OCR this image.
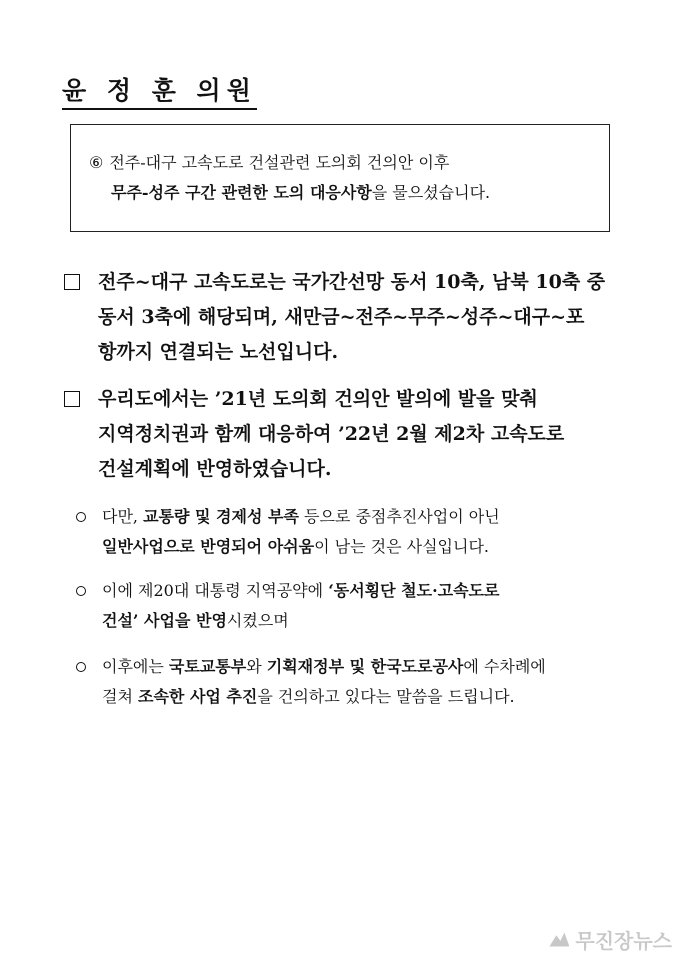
윤 정 훈 의원
⑥ 전주-대구 고속도로 건설관련 도의회 건의안 이후
무주-성주 구간 관련한 도의 대응사항을 물으셨습니다.
전주~대구 고속도로는 국가간선망 동서 10축, 남북 10축 중
동서 3축에 해당되며, 새만금~전주~무주~성주~대구~포
항까지 연결되는 노선입니다.
우리도에서는 ’21년 도의회 건의안 발의에 발을 맞춰
지역정치권과 함께 대응하여 ’22년 2월 제2차 고속도로
건설계획에 반영하였습니다.
다만, 교통량 및 경제성 부족 등으로 중점추진사업이 아닌
일반사업으로 반영되어 아쉬움이 남는 것은 사실입니다.
이에 제20대 대통령 지역공약에 ‘동서횡단 철도·고속도로
건설’ 사업을 반영시켰으며
이후에는 국토교통부와 기획재정부 및 한국도로공사에 수차례에
걸쳐 조속한 사업 추진을 건의하고 있다는 말씀을 드립니다.
무진장뉴스
